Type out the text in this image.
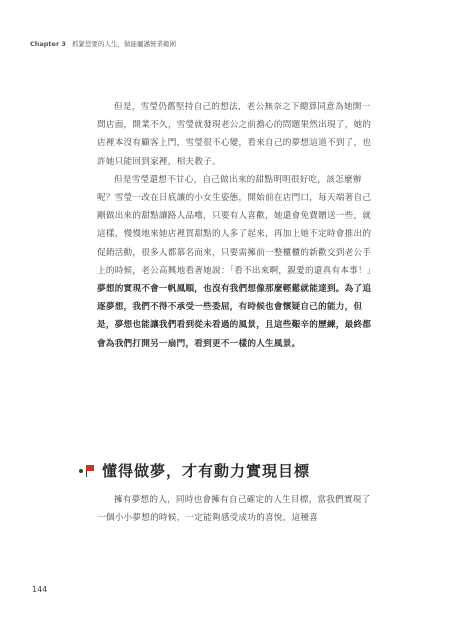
Chapter 3 抓緊您要的人生，做能屬邁營業範圍

但是，雪瑩仍舊堅持自己的想法，老公無奈之下總算同意為她開一間店面，開業不久，雪瑩就發現老公之前擔心的問題果然出現了，她的店裡本沒有顧客上門，雪瑩很不心變，看來自己的夢想這道不到了，也許她只能回到家裡，相夫教子。

但是雪瑩還想不甘心，自己做出來的甜點明明很好吃，該怎麼辦呢？雪瑩一改在日底讓的小女生姿態，開始前在店門口，每天端著自己剛做出來的甜點讓路人品嚐，只要有人喜歡，她還會免費贈送一些，就這樣，慢慢地來她店裡買甜點的人多了起來，再加上她不定時會推出的促銷活動，很多人都慕名而來，只要需擁前一整櫃櫃的新歡交到老公手上的時候，老公高興地看著她說：「看不出來啊，親愛的還真有本事！」

夢想的實現不會一帆風順，也沒有我們想像那麼輕鬆就能達到。為了追逐夢想，我們不得不承受一些委屈，有時候也會懷疑自己的能力，但是，夢想也能讓我們看到從未看過的風景，且這些艱辛的歷練，最終都會為我們打開另一扇門，看到更不一樣的人生風景。

懂得做夢，才有動力實現目標

擁有夢想的人，同時也會擁有自己確定的人生目標，當我們實現了一個小小夢想的時候，一定能夠感受成功的喜悅，這種喜

144
